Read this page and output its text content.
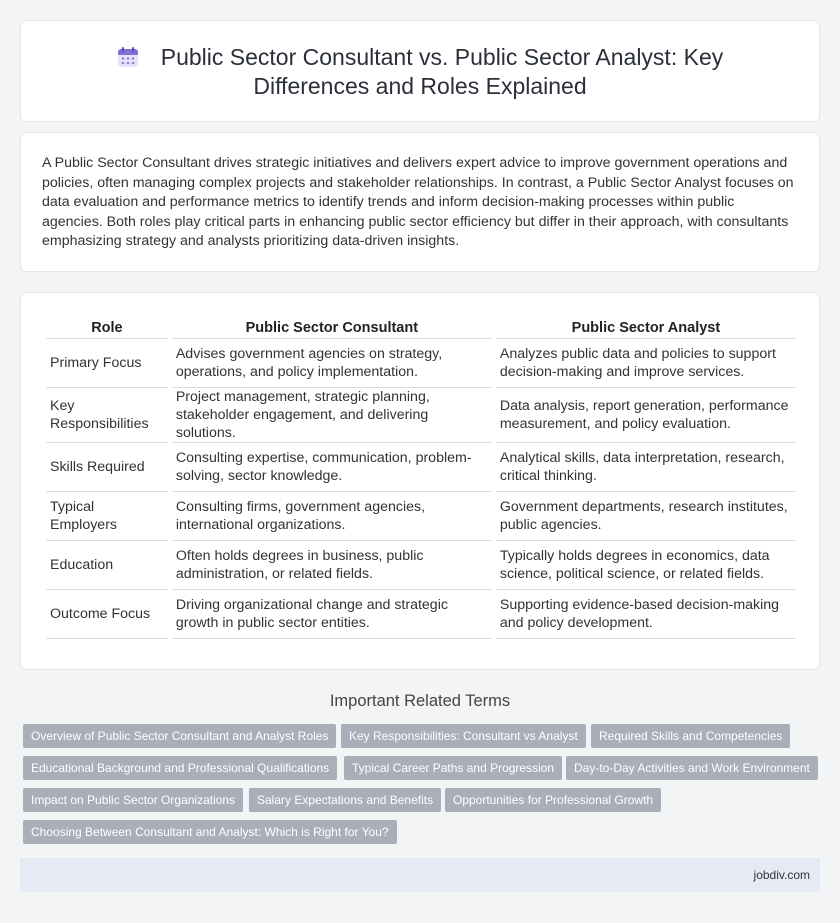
Public Sector Consultant vs. Public Sector Analyst: Key
Differences and Roles Explained

A Public Sector Consultant drives strategic initiatives and delivers expert advice to improve government operations and policies, often managing complex projects and stakeholder relationships. In contrast, a Public Sector Analyst focuses on data evaluation and performance metrics to identify trends and inform decision-making processes within public agencies. Both roles play critical parts in enhancing public sector efficiency but differ in their approach, with consultants emphasizing strategy and analysts prioritizing data-driven insights.

Role	Public Sector Consultant	Public Sector Analyst
Primary Focus	Advises government agencies on strategy, operations, and policy implementation.	Analyzes public data and policies to support decision-making and improve services.
Key Responsibilities	Project management, strategic planning, stakeholder engagement, and delivering solutions.	Data analysis, report generation, performance measurement, and policy evaluation.
Skills Required	Consulting expertise, communication, problem-solving, sector knowledge.	Analytical skills, data interpretation, research, critical thinking.
Typical Employers	Consulting firms, government agencies, international organizations.	Government departments, research institutes, public agencies.
Education	Often holds degrees in business, public administration, or related fields.	Typically holds degrees in economics, data science, political science, or related fields.
Outcome Focus	Driving organizational change and strategic growth in public sector entities.	Supporting evidence-based decision-making and policy development.
Important Related Terms
Overview of Public Sector Consultant and Analyst Roles	Key Responsibilities: Consultant vs Analyst	Required Skills and Competencies
Educational Background and Professional Qualifications	Typical Career Paths and Progression	Day-to-Day Activities and Work Environment
Impact on Public Sector Organizations	Salary Expectations and Benefits	Opportunities for Professional Growth
Choosing Between Consultant and Analyst: Which is Right for You?
jobdiv.com
